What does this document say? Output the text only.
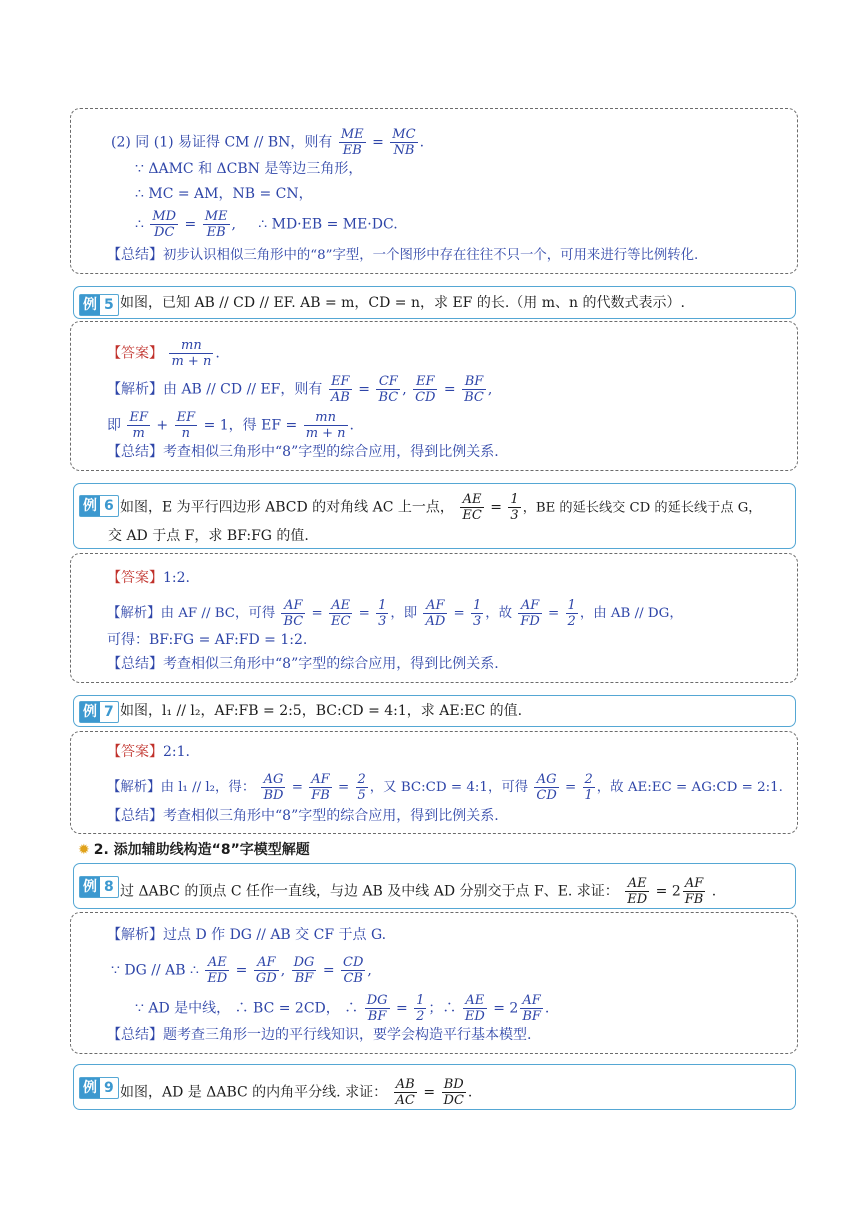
(2) 同 (1) 易证得 CM // BN，则有 $\frac{ME}{EB} = \frac{MC}{NB}$ .
∵ ΔAMC 和 ΔCBN 是等边三角形，
∴ MC = AM，NB = CN，
∴ $\frac{MD}{DC} = \frac{ME}{EB}$ ,     ∴ MD·EB = ME·DC.
【总结】初步认识相似三角形中的“8”字型，一个图形中存在往往不只一个，可用来进行等比例转化.
例 5 如图，已知 AB // CD // EF. AB = m，CD = n，求 EF 的长.（用 m、n 的代数式表示）.
【答案】 $\frac{mn}{m + n}$ .
【解析】由 AB // CD // EF，则有 $\frac{EF}{AB} = \frac{CF}{BC}$ , $\frac{EF}{CD} = \frac{BF}{BC}$ ,
即 $\frac{EF}{m} + \frac{EF}{n} = 1$，得 EF = $\frac{mn}{m + n}$ .
【总结】考查相似三角形中“8”字型的综合应用，得到比例关系.
例 6 如图，E 为平行四边形 ABCD 的对角线 AC 上一点， $\frac{AE}{EC} = \frac{1}{3}$ ，BE 的延长线交 CD 的延长线于点 G，
交 AD 于点 F，求 BF:FG 的值.
【答案】1:2.
【解析】由 AF // BC，可得 $\frac{AF}{BC} = \frac{AE}{EC} = \frac{1}{3}$ ，即 $\frac{AF}{AD} = \frac{1}{3}$ ，故 $\frac{AF}{FD} = \frac{1}{2}$ ，由 AB // DG，
可得：BF:FG = AF:FD = 1:2.
【总结】考查相似三角形中“8”字型的综合应用，得到比例关系.
例 7 如图，l₁ // l₂，AF:FB = 2:5，BC:CD = 4:1，求 AE:EC 的值.
【答案】2:1.
【解析】由 l₁ // l₂，得： $\frac{AG}{BD} = \frac{AF}{FB} = \frac{2}{5}$ ，又 BC:CD = 4:1，可得 $\frac{AG}{CD} = \frac{2}{1}$ ，故 AE:EC = AG:CD = 2:1.
【总结】考查相似三角形中“8”字型的综合应用，得到比例关系.
✹ 2. 添加辅助线构造“8”字模型解题
例 8 过 ΔABC 的顶点 C 任作一直线，与边 AB 及中线 AD 分别交于点 F、E. 求证： $\frac{AE}{ED} = 2 \frac{AF}{FB}$ .
【解析】过点 D 作 DG // AB 交 CF 于点 G.
∵ DG // AB ∴ $\frac{AE}{ED} = \frac{AF}{GD}$ , $\frac{DG}{BF} = \frac{CD}{CB}$ ,
∵ AD 是中线， ∴ BC = 2CD， ∴ $\frac{DG}{BF} = \frac{1}{2}$ ；∴ $\frac{AE}{ED} = 2 \frac{AF}{BF}$ .
【总结】题考查三角形一边的平行线知识，要学会构造平行基本模型.
例 9 如图，AD 是 ΔABC 的内角平分线. 求证： $\frac{AB}{AC} = \frac{BD}{DC}$ .
